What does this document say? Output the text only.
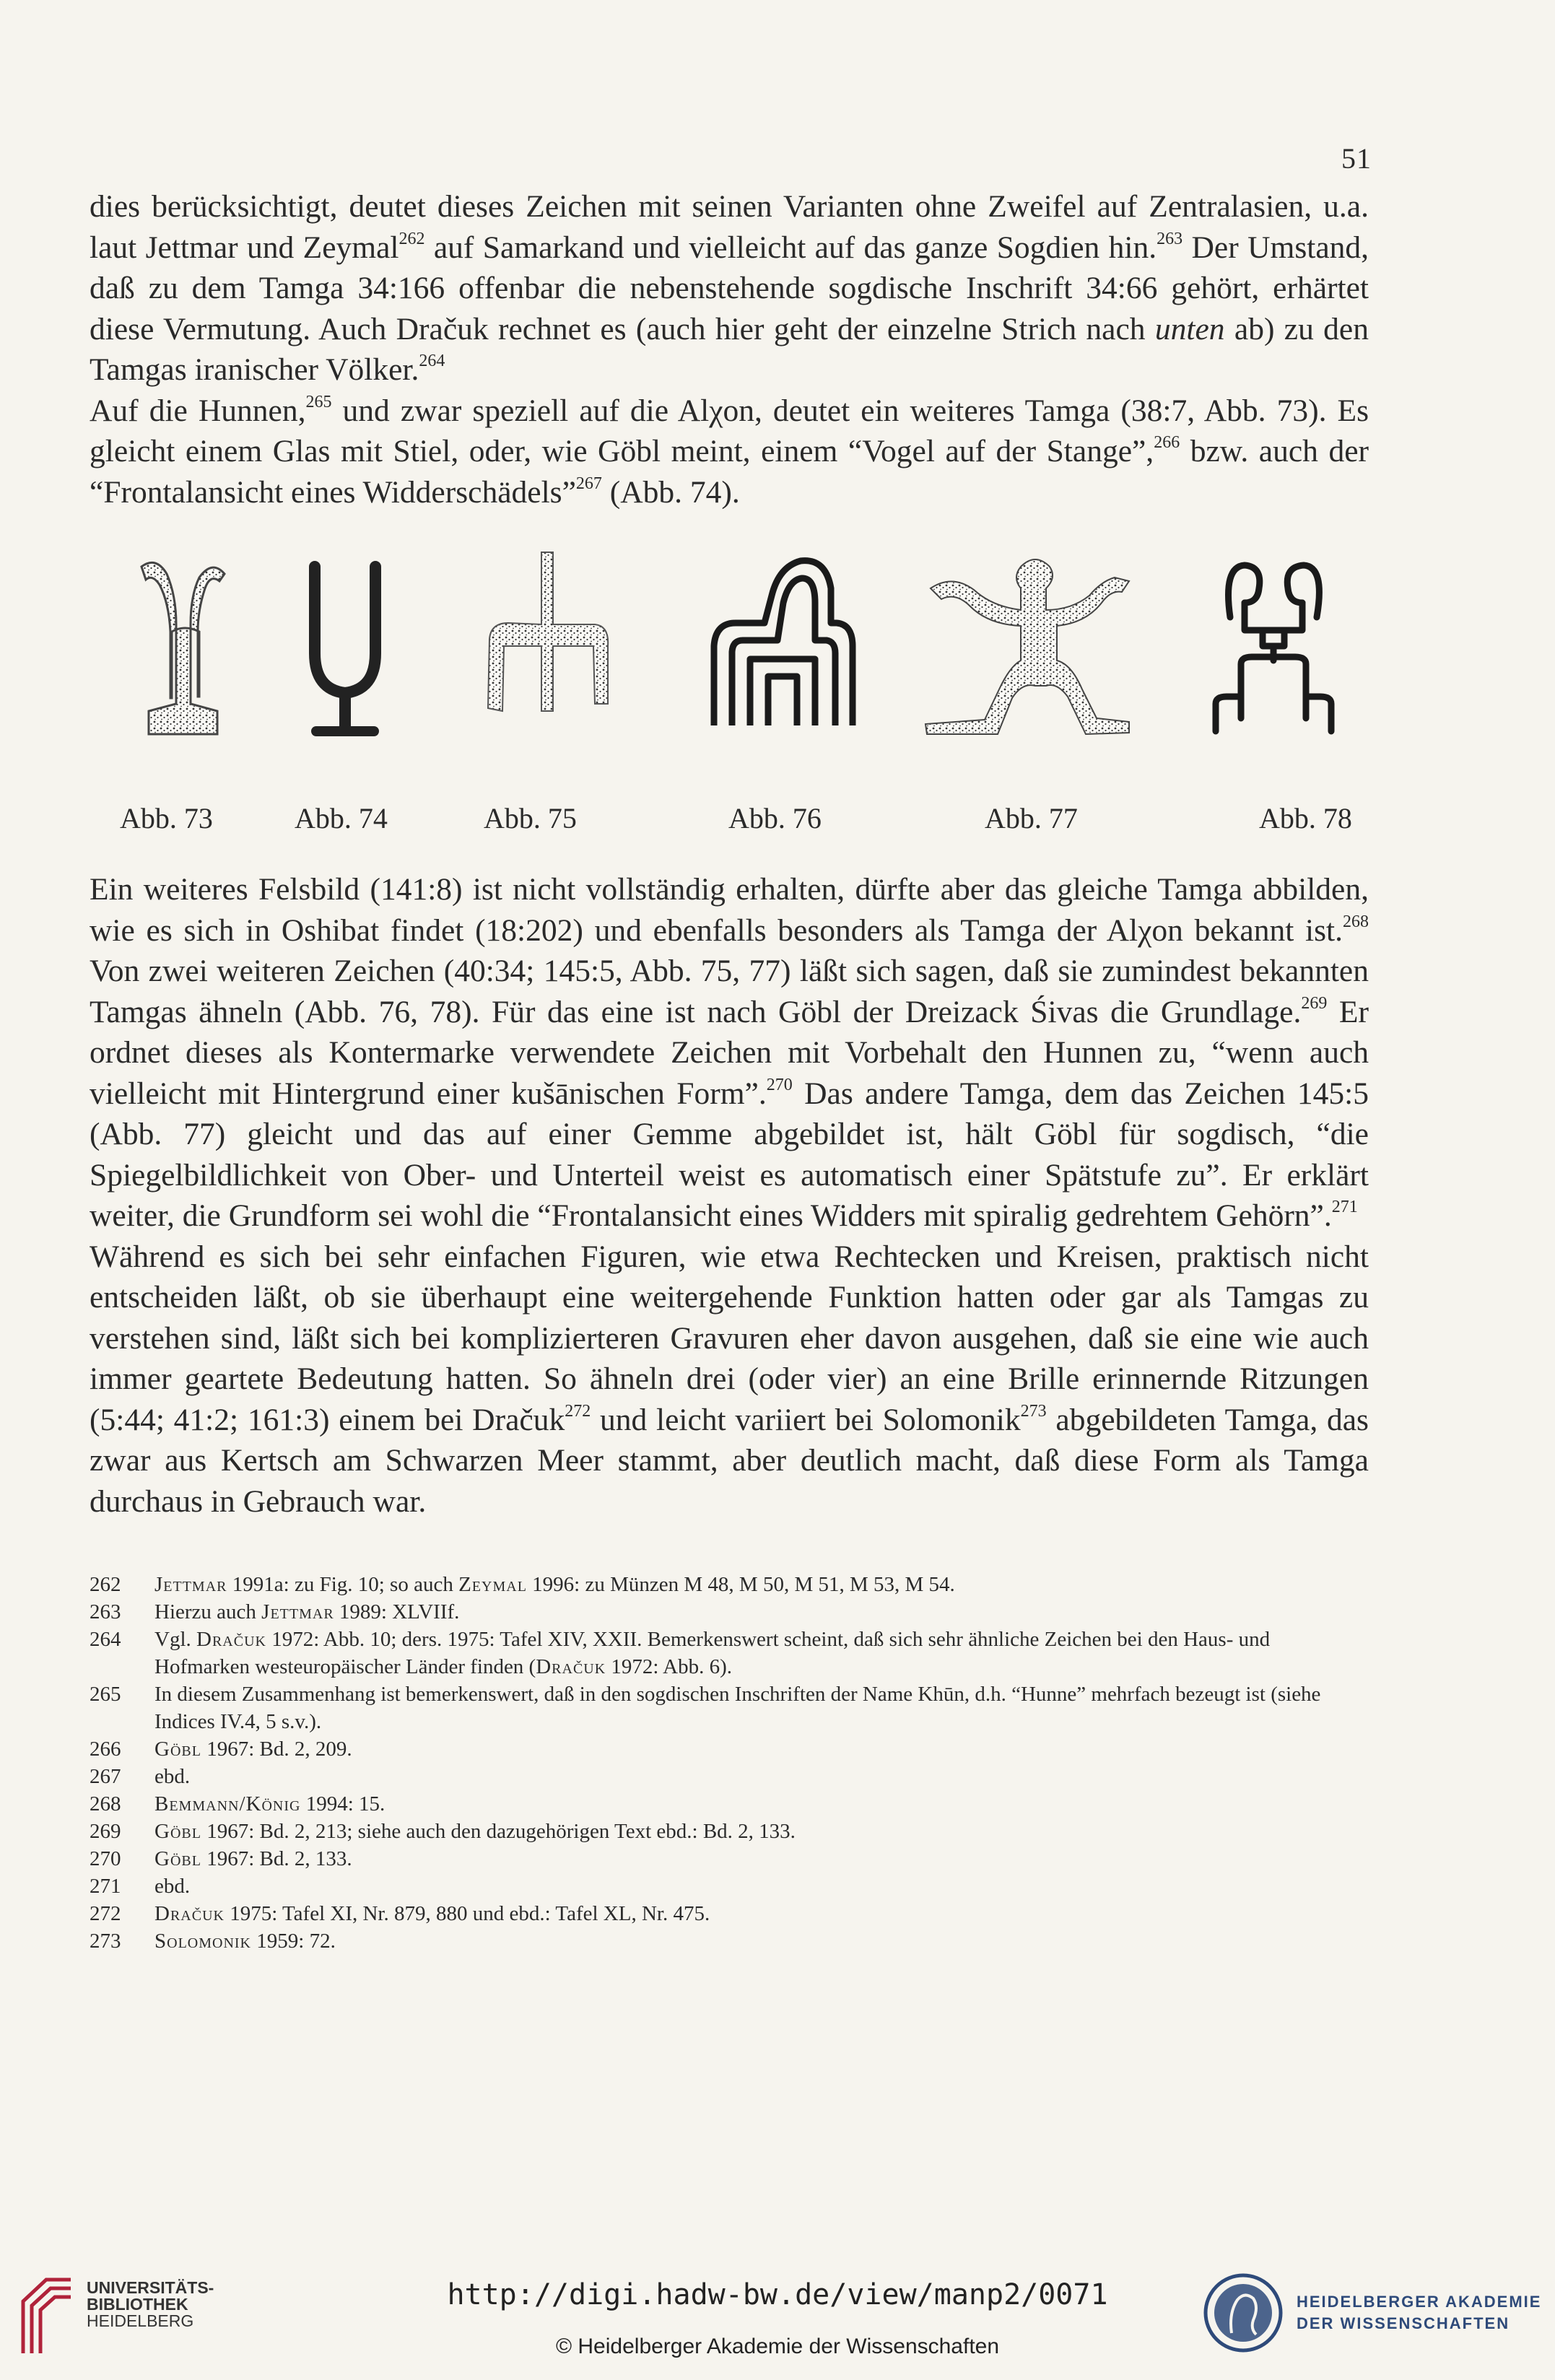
51

dies berücksichtigt, deutet dieses Zeichen mit seinen Varianten ohne Zweifel auf Zentralasien, u.a. laut Jettmar und Zeymal$^{262}$ auf Samarkand und vielleicht auf das ganze Sogdien hin.$^{263}$ Der Umstand, daß zu dem Tamga 34:166 offenbar die nebenstehende sogdische Inschrift 34:66 gehört, erhärtet diese Vermutung. Auch Dračuk rechnet es (auch hier geht der einzelne Strich nach unten ab) zu den Tamgas iranischer Völker.$^{264}$

Auf die Hunnen,$^{265}$ und zwar speziell auf die Alχon, deutet ein weiteres Tamga (38:7, Abb. 73). Es gleicht einem Glas mit Stiel, oder, wie Göbl meint, einem “Vogel auf der Stange”,$^{266}$ bzw. auch der “Frontalansicht eines Widderschädels”$^{267}$ (Abb. 74).

Abb. 73	Abb. 74	Abb. 75	Abb. 76	Abb. 77	Abb. 78

Ein weiteres Felsbild (141:8) ist nicht vollständig erhalten, dürfte aber das gleiche Tamga abbilden, wie es sich in Oshibat findet (18:202) und ebenfalls besonders als Tamga der Alχon bekannt ist.$^{268}$ Von zwei weiteren Zeichen (40:34; 145:5, Abb. 75, 77) läßt sich sagen, daß sie zumindest bekannten Tamgas ähneln (Abb. 76, 78). Für das eine ist nach Göbl der Dreizack Śivas die Grundlage.$^{269}$ Er ordnet dieses als Kontermarke verwendete Zeichen mit Vorbehalt den Hunnen zu, “wenn auch vielleicht mit Hintergrund einer kušānischen Form”.$^{270}$ Das andere Tamga, dem das Zeichen 145:5 (Abb. 77) gleicht und das auf einer Gemme abgebildet ist, hält Göbl für sogdisch, “die Spiegelbildlichkeit von Ober- und Unterteil weist es automatisch einer Spätstufe zu”. Er erklärt weiter, die Grundform sei wohl die “Frontalansicht eines Widders mit spiralig gedrehtem Gehörn”.$^{271}$

Während es sich bei sehr einfachen Figuren, wie etwa Rechtecken und Kreisen, praktisch nicht entscheiden läßt, ob sie überhaupt eine weitergehende Funktion hatten oder gar als Tamgas zu verstehen sind, läßt sich bei komplizierteren Gravuren eher davon ausgehen, daß sie eine wie auch immer geartete Bedeutung hatten. So ähneln drei (oder vier) an eine Brille erinnernde Ritzungen (5:44; 41:2; 161:3) einem bei Dračuk$^{272}$ und leicht variiert bei Solomonik$^{273}$ abgebildeten Tamga, das zwar aus Kertsch am Schwarzen Meer stammt, aber deutlich macht, daß diese Form als Tamga durchaus in Gebrauch war.

262 Jettmar 1991a: zu Fig. 10; so auch Zeymal 1996: zu Münzen M 48, M 50, M 51, M 53, M 54.

263 Hierzu auch Jettmar 1989: XLVIIf.

264 Vgl. Dračuk 1972: Abb. 10; ders. 1975: Tafel XIV, XXII. Bemerkenswert scheint, daß sich sehr ähnliche Zeichen bei den Haus- und Hofmarken westeuropäischer Länder finden (Dračuk 1972: Abb. 6).

265 In diesem Zusammenhang ist bemerkenswert, daß in den sogdischen Inschriften der Name Khūn, d.h. “Hunne” mehrfach bezeugt ist (siehe Indices IV.4, 5 s.v.).

266 Göbl 1967: Bd. 2, 209.

267 ebd.

268 Bemmann/König 1994: 15.

269 Göbl 1967: Bd. 2, 213; siehe auch den dazugehörigen Text ebd.: Bd. 2, 133.

270 Göbl 1967: Bd. 2, 133.

271 ebd.

272 Dračuk 1975: Tafel XI, Nr. 879, 880 und ebd.: Tafel XL, Nr. 475.

273 Solomonik 1959: 72.

UNIVERSITÄTS-
BIBLIOTHEK
HEIDELBERG
http://digi.hadw-bw.de/view/manp2/0071
© Heidelberger Akademie der Wissenschaften
HEIDELBERGER AKADEMIE
DER WISSENSCHAFTEN
